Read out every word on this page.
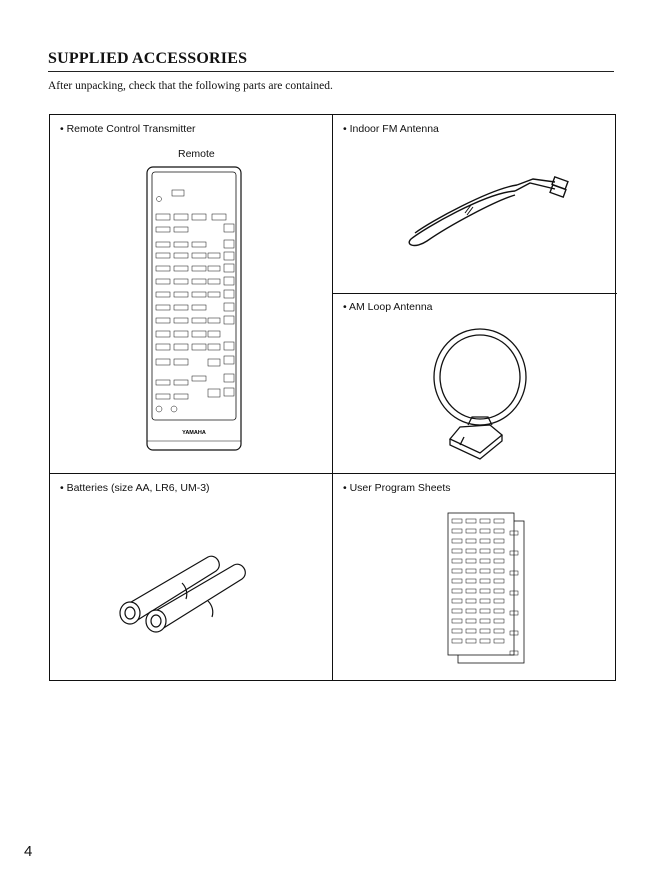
SUPPLIED ACCESSORIES
After unpacking, check that the following parts are contained.
• Remote Control Transmitter
Remote
YAMAHA
• Indoor FM Antenna
• AM Loop Antenna
• Batteries (size AA, LR6, UM-3)	• User Program Sheets
4
